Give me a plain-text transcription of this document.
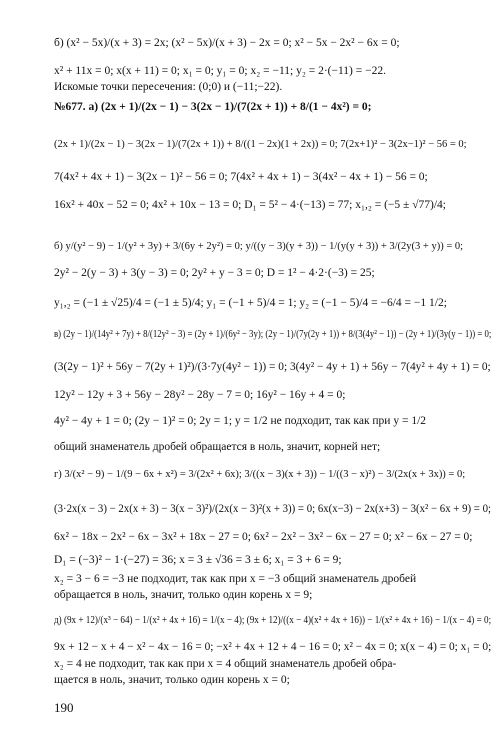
б) (x² − 5x)/(x + 3) = 2x; (x² − 5x)/(x + 3) − 2x = 0; x² − 5x − 2x² − 6x = 0;
x² + 11x = 0; x(x + 11) = 0; x₁ = 0; y₁ = 0; x₂ = −11; y₂ = 2·(−11) = −22.
Искомые точки пересечения: (0;0) и (−11;−22).
№677. а) (2x + 1)/(2x − 1) − 3(2x − 1)/(7(2x + 1)) + 8/(1 − 4x²) = 0;
(2x + 1)/(2x − 1) − 3(2x − 1)/(7(2x + 1)) + 8/((1 − 2x)(1 + 2x)) = 0; 7(2x+1)² − 3(2x−1)² − 56 = 0;
7(4x² + 4x + 1) − 3(2x − 1)² − 56 = 0; 7(4x² + 4x + 1) − 3(4x² − 4x + 1) − 56 = 0;
16x² + 40x − 52 = 0; 4x² + 10x − 13 = 0; D₁ = 5² − 4·(−13) = 77; x₁,₂ = (−5 ± √77)/4;
б) y/(y² − 9) − 1/(y² + 3y) + 3/(6y + 2y²) = 0; y/((y − 3)(y + 3)) − 1/(y(y + 3)) + 3/(2y(3 + y)) = 0;
2y² − 2(y − 3) + 3(y − 3) = 0; 2y² + y − 3 = 0; D = 1² − 4·2·(−3) = 25;
y₁,₂ = (−1 ± √25)/4 = (−1 ± 5)/4; y₁ = (−1 + 5)/4 = 1; y₂ = (−1 − 5)/4 = −6/4 = −1 1/2;
в) (2y − 1)/(14y² + 7y) + 8/(12y² − 3) = (2y + 1)/(6y² − 3y); (2y − 1)/(7y(2y + 1)) + 8/(3(4y² − 1)) − (2y + 1)/(3y(y − 1)) = 0;
(3(2y − 1)² + 56y − 7(2y + 1)²)/(3·7y(4y² − 1)) = 0; 3(4y² − 4y + 1) + 56y − 7(4y² + 4y + 1) = 0;
12y² − 12y + 3 + 56y − 28y² − 28y − 7 = 0; 16y² − 16y + 4 = 0;
4y² − 4y + 1 = 0; (2y − 1)² = 0; 2y = 1; y = 1/2 не подходит, так как при y = 1/2
общий знаменатель дробей обращается в ноль, значит, корней нет;
г) 3/(x² − 9) − 1/(9 − 6x + x²) = 3/(2x² + 6x); 3/((x − 3)(x + 3)) − 1/((3 − x)²) − 3/(2x(x + 3x)) = 0;
(3·2x(x − 3) − 2x(x + 3) − 3(x − 3)²)/(2x(x − 3)²(x + 3)) = 0; 6x(x−3) − 2x(x+3) − 3(x² − 6x + 9) = 0;
6x² − 18x − 2x² − 6x − 3x² + 18x − 27 = 0; 6x² − 2x² − 3x² − 6x − 27 = 0; x² − 6x − 27 = 0;
D₁ = (−3)² − 1·(−27) = 36; x = 3 ± √36 = 3 ± 6; x₁ = 3 + 6 = 9;
x₂ = 3 − 6 = −3 не подходит, так как при x = −3 общий знаменатель дробей
обращается в ноль, значит, только один корень x = 9;
д) (9x + 12)/(x³ − 64) − 1/(x² + 4x + 16) = 1/(x − 4); (9x + 12)/((x − 4)(x² + 4x + 16)) − 1/(x² + 4x + 16) − 1/(x − 4) = 0;
9x + 12 − x + 4 − x² − 4x − 16 = 0; −x² + 4x + 12 + 4 − 16 = 0; x² − 4x = 0; x(x − 4) = 0; x₁ = 0;
x₂ = 4 не подходит, так как при x = 4 общий знаменатель дробей обра-
щается в ноль, значит, только один корень x = 0;
190
